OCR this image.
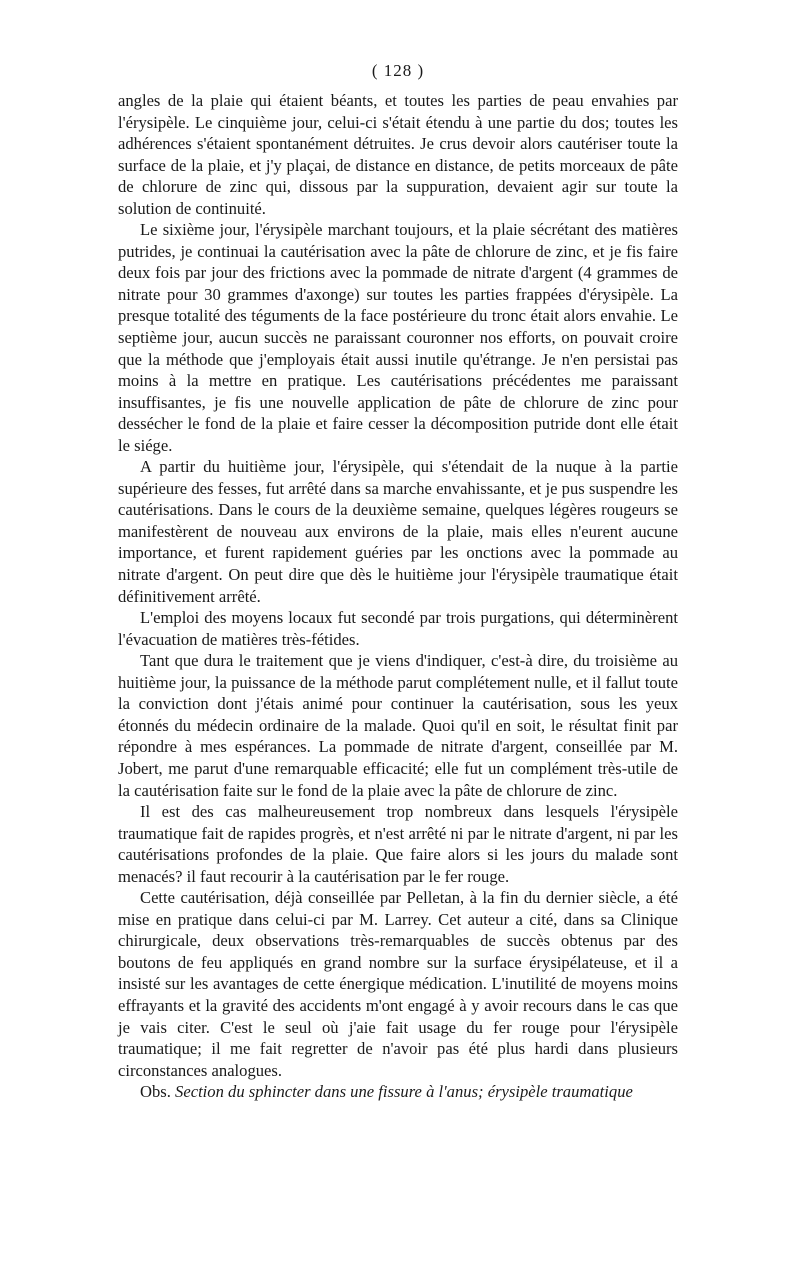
( 128 )

angles de la plaie qui étaient béants, et toutes les parties de peau envahies par l'érysipèle. Le cinquième jour, celui-ci s'était étendu à une partie du dos; toutes les adhérences s'étaient spontanément détruites. Je crus devoir alors cautériser toute la surface de la plaie, et j'y plaçai, de distance en distance, de petits morceaux de pâte de chlorure de zinc qui, dissous par la suppuration, devaient agir sur toute la solution de continuité.

Le sixième jour, l'érysipèle marchant toujours, et la plaie sécrétant des matières putrides, je continuai la cautérisation avec la pâte de chlorure de zinc, et je fis faire deux fois par jour des frictions avec la pommade de nitrate d'argent (4 grammes de nitrate pour 30 grammes d'axonge) sur toutes les parties frappées d'érysipèle. La presque totalité des téguments de la face postérieure du tronc était alors envahie. Le septième jour, aucun succès ne paraissant couronner nos efforts, on pouvait croire que la méthode que j'employais était aussi inutile qu'étrange. Je n'en persistai pas moins à la mettre en pratique. Les cautérisations précédentes me paraissant insuffisantes, je fis une nouvelle application de pâte de chlorure de zinc pour dessécher le fond de la plaie et faire cesser la décomposition putride dont elle était le siége.

A partir du huitième jour, l'érysipèle, qui s'étendait de la nuque à la partie supérieure des fesses, fut arrêté dans sa marche envahissante, et je pus suspendre les cautérisations. Dans le cours de la deuxième semaine, quelques légères rougeurs se manifestèrent de nouveau aux environs de la plaie, mais elles n'eurent aucune importance, et furent rapidement guéries par les onctions avec la pommade au nitrate d'argent. On peut dire que dès le huitième jour l'érysipèle traumatique était définitivement arrêté.

L'emploi des moyens locaux fut secondé par trois purgations, qui déterminèrent l'évacuation de matières très-fétides.

Tant que dura le traitement que je viens d'indiquer, c'est-à dire, du troisième au huitième jour, la puissance de la méthode parut complétement nulle, et il fallut toute la conviction dont j'étais animé pour continuer la cautérisation, sous les yeux étonnés du médecin ordinaire de la malade. Quoi qu'il en soit, le résultat finit par répondre à mes espérances. La pommade de nitrate d'argent, conseillée par M. Jobert, me parut d'une remarquable efficacité; elle fut un complément très-utile de la cautérisation faite sur le fond de la plaie avec la pâte de chlorure de zinc.

Il est des cas malheureusement trop nombreux dans lesquels l'érysipèle traumatique fait de rapides progrès, et n'est arrêté ni par le nitrate d'argent, ni par les cautérisations profondes de la plaie. Que faire alors si les jours du malade sont menacés? il faut recourir à la cautérisation par le fer rouge.

Cette cautérisation, déjà conseillée par Pelletan, à la fin du dernier siècle, a été mise en pratique dans celui-ci par M. Larrey. Cet auteur a cité, dans sa Clinique chirurgicale, deux observations très-remarquables de succès obtenus par des boutons de feu appliqués en grand nombre sur la surface érysipélateuse, et il a insisté sur les avantages de cette énergique médication. L'inutilité de moyens moins effrayants et la gravité des accidents m'ont engagé à y avoir recours dans le cas que je vais citer. C'est le seul où j'aie fait usage du fer rouge pour l'érysipèle traumatique; il me fait regretter de n'avoir pas été plus hardi dans plusieurs circonstances analogues.

Obs. Section du sphincter dans une fissure à l'anus; érysipèle traumatique
